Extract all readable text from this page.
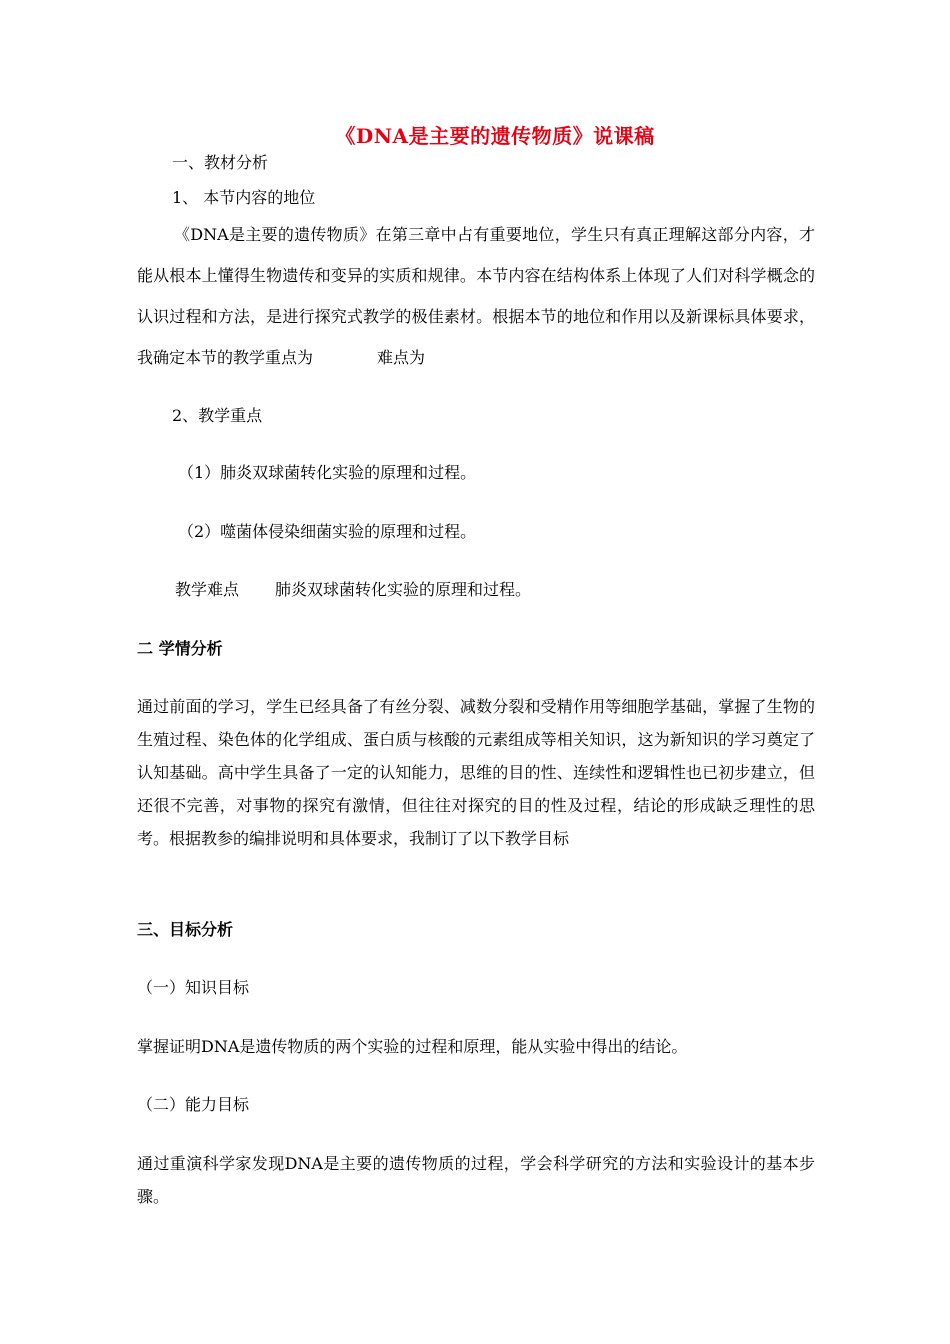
《DNA是主要的遗传物质》说课稿
一、教材分析
1、 本节内容的地位
《DNA是主要的遗传物质》在第三章中占有重要地位，学生只有真正理解这部分内容，才能从根本上懂得生物遗传和变异的实质和规律。本节内容在结构体系上体现了人们对科学概念的认识过程和方法，是进行探究式教学的极佳素材。根据本节的地位和作用以及新课标具体要求，我确定本节的教学重点为　　　　难点为
2、教学重点
（1）肺炎双球菌转化实验的原理和过程。
（2）噬菌体侵染细菌实验的原理和过程。
教学难点 肺炎双球菌转化实验的原理和过程。
二 学情分析
通过前面的学习，学生已经具备了有丝分裂、减数分裂和受精作用等细胞学基础，掌握了生物的生殖过程、染色体的化学组成、蛋白质与核酸的元素组成等相关知识，这为新知识的学习奠定了认知基础。高中学生具备了一定的认知能力，思维的目的性、连续性和逻辑性也已初步建立，但还很不完善，对事物的探究有激情，但往往对探究的目的性及过程，结论的形成缺乏理性的思考。根据教参的编排说明和具体要求，我制订了以下教学目标
三、目标分析
（一）知识目标
掌握证明DNA是遗传物质的两个实验的过程和原理，能从实验中得出的结论。
（二）能力目标
通过重演科学家发现DNA是主要的遗传物质的过程，学会科学研究的方法和实验设计的基本步骤。
